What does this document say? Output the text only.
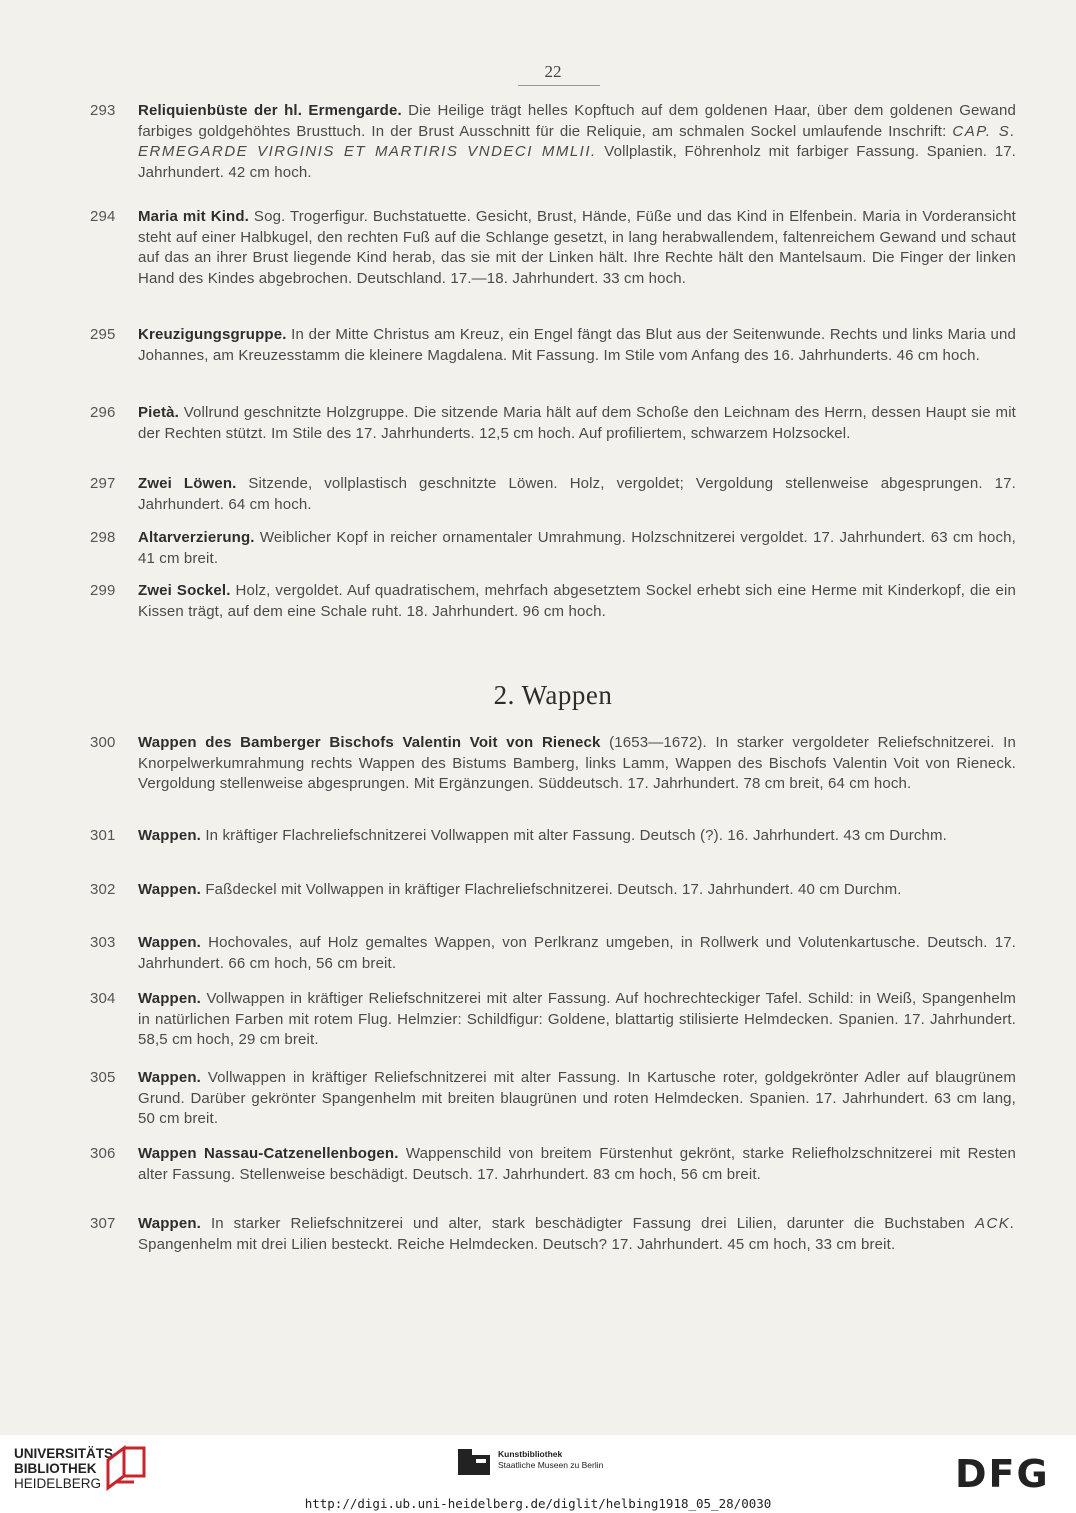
22
293	Reliquienbüste der hl. Ermengarde. Die Heilige trägt helles Kopftuch auf dem goldenen Haar, über dem goldenen Gewand farbiges goldgehöhtes Brusttuch. In der Brust Ausschnitt für die Reliquie, am schmalen Sockel umlaufende Inschrift: CAP. S. ERMEGARDE VIRGINIS ET MARTIRIS VNDECI MMLII. Vollplastik, Föhrenholz mit farbiger Fassung. Spanien. 17. Jahrhundert. 42 cm hoch.
294	Maria mit Kind. Sog. Trogerfigur. Buchstatuette. Gesicht, Brust, Hände, Füße und das Kind in Elfenbein. Maria in Vorderansicht steht auf einer Halbkugel, den rechten Fuß auf die Schlange gesetzt, in lang herabwallendem, faltenreichem Gewand und schaut auf das an ihrer Brust liegende Kind herab, das sie mit der Linken hält. Ihre Rechte hält den Mantelsaum. Die Finger der linken Hand des Kindes abgebrochen. Deutschland. 17.—18. Jahrhundert. 33 cm hoch.
295	Kreuzigungsgruppe. In der Mitte Christus am Kreuz, ein Engel fängt das Blut aus der Seitenwunde. Rechts und links Maria und Johannes, am Kreuzesstamm die kleinere Magdalena. Mit Fassung. Im Stile vom Anfang des 16. Jahrhunderts. 46 cm hoch.
296	Pietà. Vollrund geschnitzte Holzgruppe. Die sitzende Maria hält auf dem Schoße den Leichnam des Herrn, dessen Haupt sie mit der Rechten stützt. Im Stile des 17. Jahrhunderts. 12,5 cm hoch. Auf profiliertem, schwarzem Holzsockel.
297	Zwei Löwen. Sitzende, vollplastisch geschnitzte Löwen. Holz, vergoldet; Vergoldung stellenweise abgesprungen. 17. Jahrhundert. 64 cm hoch.
298	Altarverzierung. Weiblicher Kopf in reicher ornamentaler Umrahmung. Holzschnitzerei vergoldet. 17. Jahrhundert. 63 cm hoch, 41 cm breit.
299	Zwei Sockel. Holz, vergoldet. Auf quadratischem, mehrfach abgesetztem Sockel erhebt sich eine Herme mit Kinderkopf, die ein Kissen trägt, auf dem eine Schale ruht. 18. Jahrhundert. 96 cm hoch.
2. Wappen
300	Wappen des Bamberger Bischofs Valentin Voit von Rieneck (1653—1672). In starker vergoldeter Reliefschnitzerei. In Knorpelwerkumrahmung rechts Wappen des Bistums Bamberg, links Lamm, Wappen des Bischofs Valentin Voit von Rieneck. Vergoldung stellenweise abgesprungen. Mit Ergänzungen. Süddeutsch. 17. Jahrhundert. 78 cm breit, 64 cm hoch.
301	Wappen. In kräftiger Flachreliefschnitzerei Vollwappen mit alter Fassung. Deutsch (?). 16. Jahrhundert. 43 cm Durchm.
302	Wappen. Faßdeckel mit Vollwappen in kräftiger Flachreliefschnitzerei. Deutsch. 17. Jahrhundert. 40 cm Durchm.
303	Wappen. Hochovales, auf Holz gemaltes Wappen, von Perlkranz umgeben, in Rollwerk und Volutenkartusche. Deutsch. 17. Jahrhundert. 66 cm hoch, 56 cm breit.
304	Wappen. Vollwappen in kräftiger Reliefschnitzerei mit alter Fassung. Auf hochrechteckiger Tafel. Schild: in Weiß, Spangenhelm in natürlichen Farben mit rotem Flug. Helmzier: Schildfigur: Goldene, blattartig stilisierte Helmdecken. Spanien. 17. Jahrhundert. 58,5 cm hoch, 29 cm breit.
305	Wappen. Vollwappen in kräftiger Reliefschnitzerei mit alter Fassung. In Kartusche roter, goldgekrönter Adler auf blaugrünem Grund. Darüber gekrönter Spangenhelm mit breiten blaugrünen und roten Helmdecken. Spanien. 17. Jahrhundert. 63 cm lang, 50 cm breit.
306	Wappen Nassau-Catzenellenbogen. Wappenschild von breitem Fürstenhut gekrönt, starke Reliefholzschnitzerei mit Resten alter Fassung. Stellenweise beschädigt. Deutsch. 17. Jahrhundert. 83 cm hoch, 56 cm breit.
307	Wappen. In starker Reliefschnitzerei und alter, stark beschädigter Fassung drei Lilien, darunter die Buchstaben ACK. Spangenhelm mit drei Lilien besteckt. Reiche Helmdecken. Deutsch? 17. Jahrhundert. 45 cm hoch, 33 cm breit.
UNIVERSITÄTS-
BIBLIOTHEK
HEIDELBERG
Kunstbibliothek
Staatliche Museen zu Berlin	DFG
http://digi.ub.uni-heidelberg.de/diglit/helbing1918_05_28/0030
